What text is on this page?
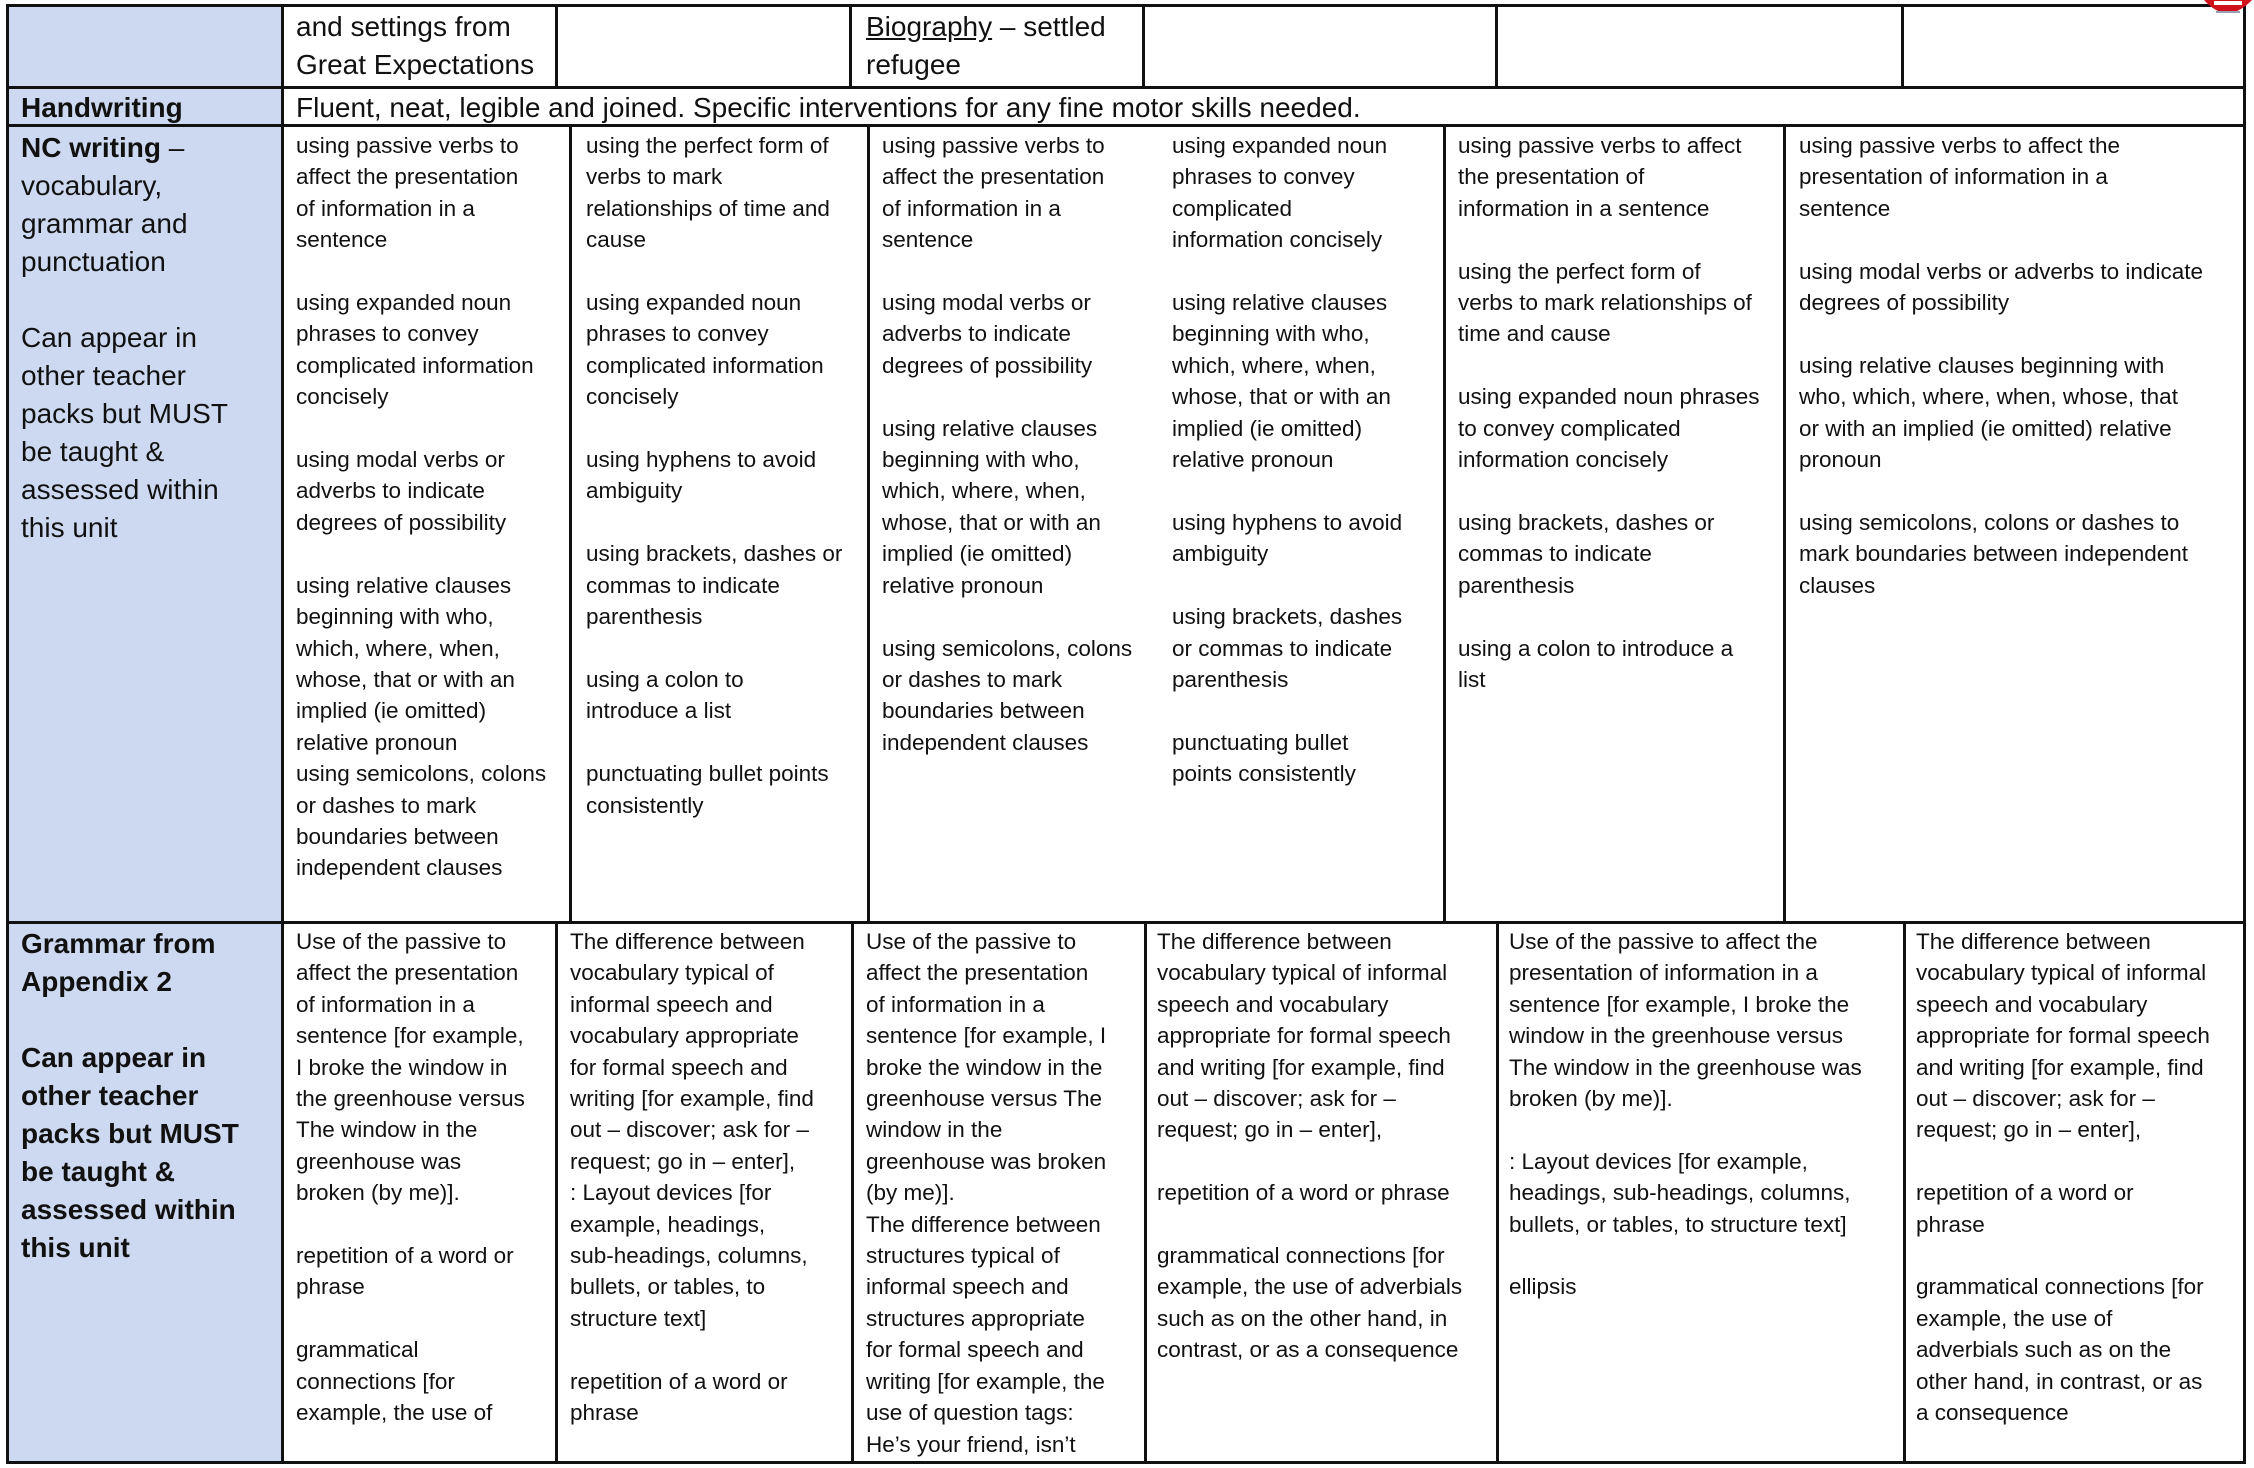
and settings from
Great Expectations
Biography – settled
refugee
Handwriting	Fluent, neat, legible and joined. Specific interventions for any fine motor skills needed.
NC writing –
vocabulary,
grammar and
punctuation

Can appear in
other teacher
packs but MUST
be taught &
assessed within
this unit
using passive verbs to
affect the presentation
of information in a
sentence

using expanded noun
phrases to convey
complicated information
concisely

using modal verbs or
adverbs to indicate
degrees of possibility

using relative clauses
beginning with who,
which, where, when,
whose, that or with an
implied (ie omitted)
relative pronoun
using semicolons, colons
or dashes to mark
boundaries between
independent clauses
using the perfect form of
verbs to mark
relationships of time and
cause

using expanded noun
phrases to convey
complicated information
concisely

using hyphens to avoid
ambiguity

using brackets, dashes or
commas to indicate
parenthesis

using a colon to
introduce a list

punctuating bullet points
consistently
using passive verbs to
affect the presentation
of information in a
sentence

using modal verbs or
adverbs to indicate
degrees of possibility

using relative clauses
beginning with who,
which, where, when,
whose, that or with an
implied (ie omitted)
relative pronoun

using semicolons, colons
or dashes to mark
boundaries between
independent clauses
using expanded noun
phrases to convey
complicated
information concisely

using relative clauses
beginning with who,
which, where, when,
whose, that or with an
implied (ie omitted)
relative pronoun

using hyphens to avoid
ambiguity

using brackets, dashes
or commas to indicate
parenthesis

punctuating bullet
points consistently
using passive verbs to affect
the presentation of
information in a sentence

using the perfect form of
verbs to mark relationships of
time and cause

using expanded noun phrases
to convey complicated
information concisely

using brackets, dashes or
commas to indicate
parenthesis

using a colon to introduce a
list
using passive verbs to affect the
presentation of information in a
sentence

using modal verbs or adverbs to indicate
degrees of possibility

using relative clauses beginning with
who, which, where, when, whose, that
or with an implied (ie omitted) relative
pronoun

using semicolons, colons or dashes to
mark boundaries between independent
clauses
Grammar from
Appendix 2

Can appear in
other teacher
packs but MUST
be taught &
assessed within
this unit
Use of the passive to
affect the presentation
of information in a
sentence [for example,
I broke the window in
the greenhouse versus
The window in the
greenhouse was
broken (by me)].

repetition of a word or
phrase

grammatical
connections [for
example, the use of
The difference between
vocabulary typical of
informal speech and
vocabulary appropriate
for formal speech and
writing [for example, find
out – discover; ask for –
request; go in – enter],
: Layout devices [for
example, headings,
sub-headings, columns,
bullets, or tables, to
structure text]

repetition of a word or
phrase
Use of the passive to
affect the presentation
of information in a
sentence [for example, I
broke the window in the
greenhouse versus The
window in the
greenhouse was broken
(by me)].
The difference between
structures typical of
informal speech and
structures appropriate
for formal speech and
writing [for example, the
use of question tags:
He’s your friend, isn’t
The difference between
vocabulary typical of informal
speech and vocabulary
appropriate for formal speech
and writing [for example, find
out – discover; ask for –
request; go in – enter],

repetition of a word or phrase

grammatical connections [for
example, the use of adverbials
such as on the other hand, in
contrast, or as a consequence
Use of the passive to affect the
presentation of information in a
sentence [for example, I broke the
window in the greenhouse versus
The window in the greenhouse was
broken (by me)].

: Layout devices [for example,
headings, sub-headings, columns,
bullets, or tables, to structure text]

ellipsis
The difference between
vocabulary typical of informal
speech and vocabulary
appropriate for formal speech
and writing [for example, find
out – discover; ask for –
request; go in – enter],

repetition of a word or
phrase

grammatical connections [for
example, the use of
adverbials such as on the
other hand, in contrast, or as
a consequence
